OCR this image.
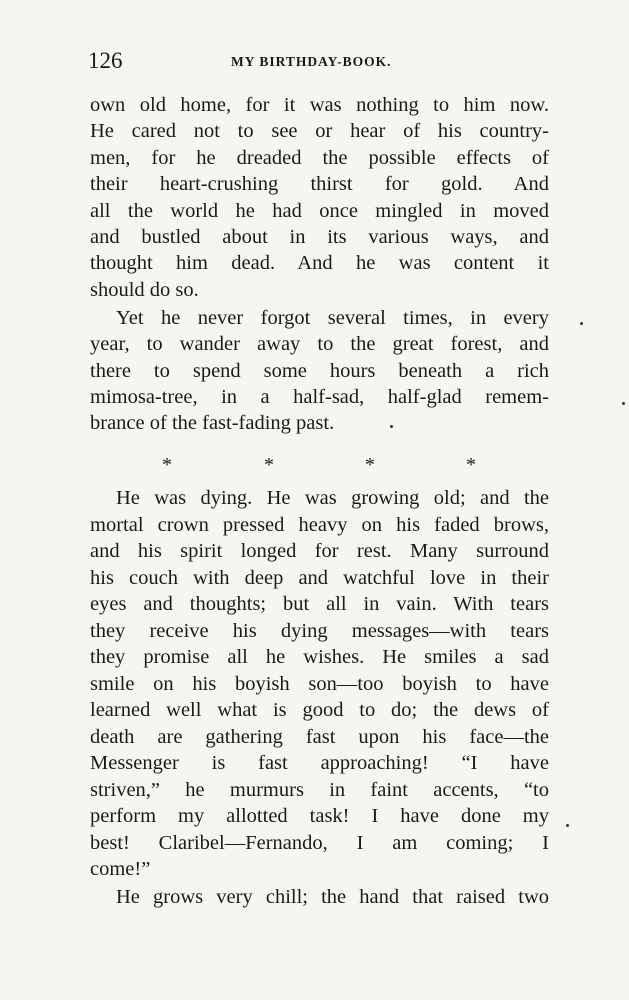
126	MY BIRTHDAY-BOOK.
own old home, for it was nothing to him now.
He cared not to see or hear of his country-
men, for he dreaded the possible effects of
their heart-crushing thirst for gold. And
all the world he had once mingled in moved
and bustled about in its various ways, and
thought him dead. And he was content it
should do so.
Yet he never forgot several times, in every
year, to wander away to the great forest, and
there to spend some hours beneath a rich
mimosa-tree, in a half-sad, half-glad remem-
brance of the fast-fading past.
*	*	*	*
He was dying. He was growing old; and the
mortal crown pressed heavy on his faded brows,
and his spirit longed for rest. Many surround
his couch with deep and watchful love in their
eyes and thoughts; but all in vain. With tears
they receive his dying messages—with tears
they promise all he wishes. He smiles a sad
smile on his boyish son—too boyish to have
learned well what is good to do; the dews of
death are gathering fast upon his face—the
Messenger is fast approaching! “I have
striven,” he murmurs in faint accents, “to
perform my allotted task! I have done my
best! Claribel—Fernando, I am coming; I
come!”
He grows very chill; the hand that raised two
